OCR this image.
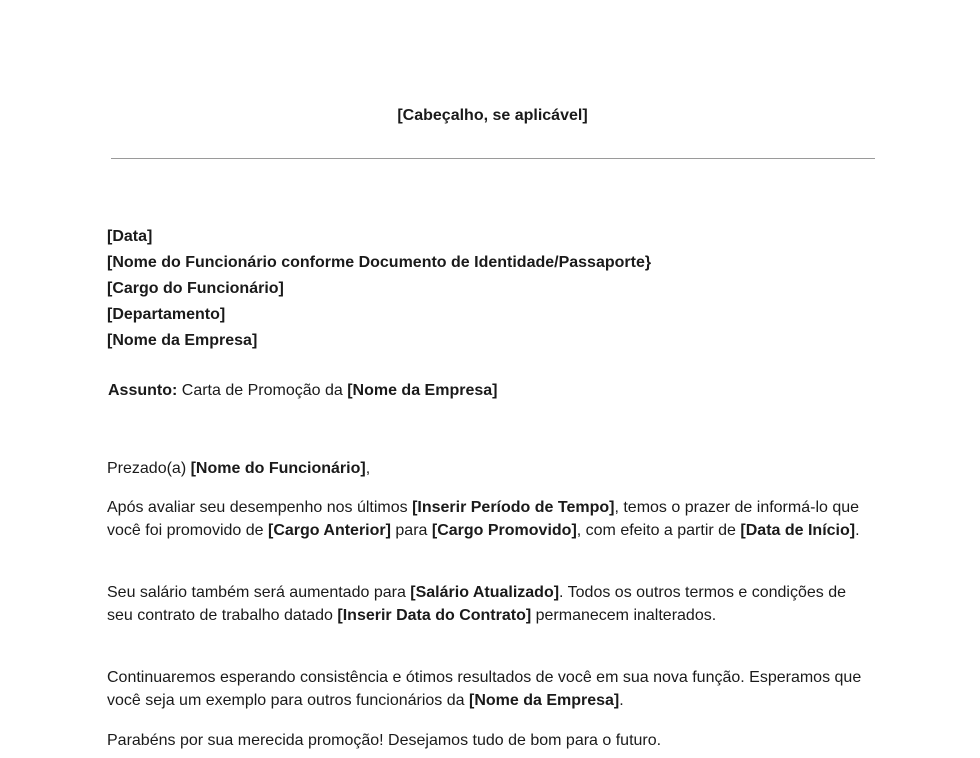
[Cabeçalho, se aplicável]
[Data]
[Nome do Funcionário conforme Documento de Identidade/Passaporte}
[Cargo do Funcionário]
[Departamento]
[Nome da Empresa]
Assunto: Carta de Promoção da [Nome da Empresa]
Prezado(a) [Nome do Funcionário],
Após avaliar seu desempenho nos últimos [Inserir Período de Tempo], temos o prazer de informá-lo que você foi promovido de [Cargo Anterior] para [Cargo Promovido], com efeito a partir de [Data de Início].
Seu salário também será aumentado para [Salário Atualizado]. Todos os outros termos e condições de seu contrato de trabalho datado [Inserir Data do Contrato] permanecem inalterados.
Continuaremos esperando consistência e ótimos resultados de você em sua nova função. Esperamos que você seja um exemplo para outros funcionários da [Nome da Empresa].
Parabéns por sua merecida promoção! Desejamos tudo de bom para o futuro.
